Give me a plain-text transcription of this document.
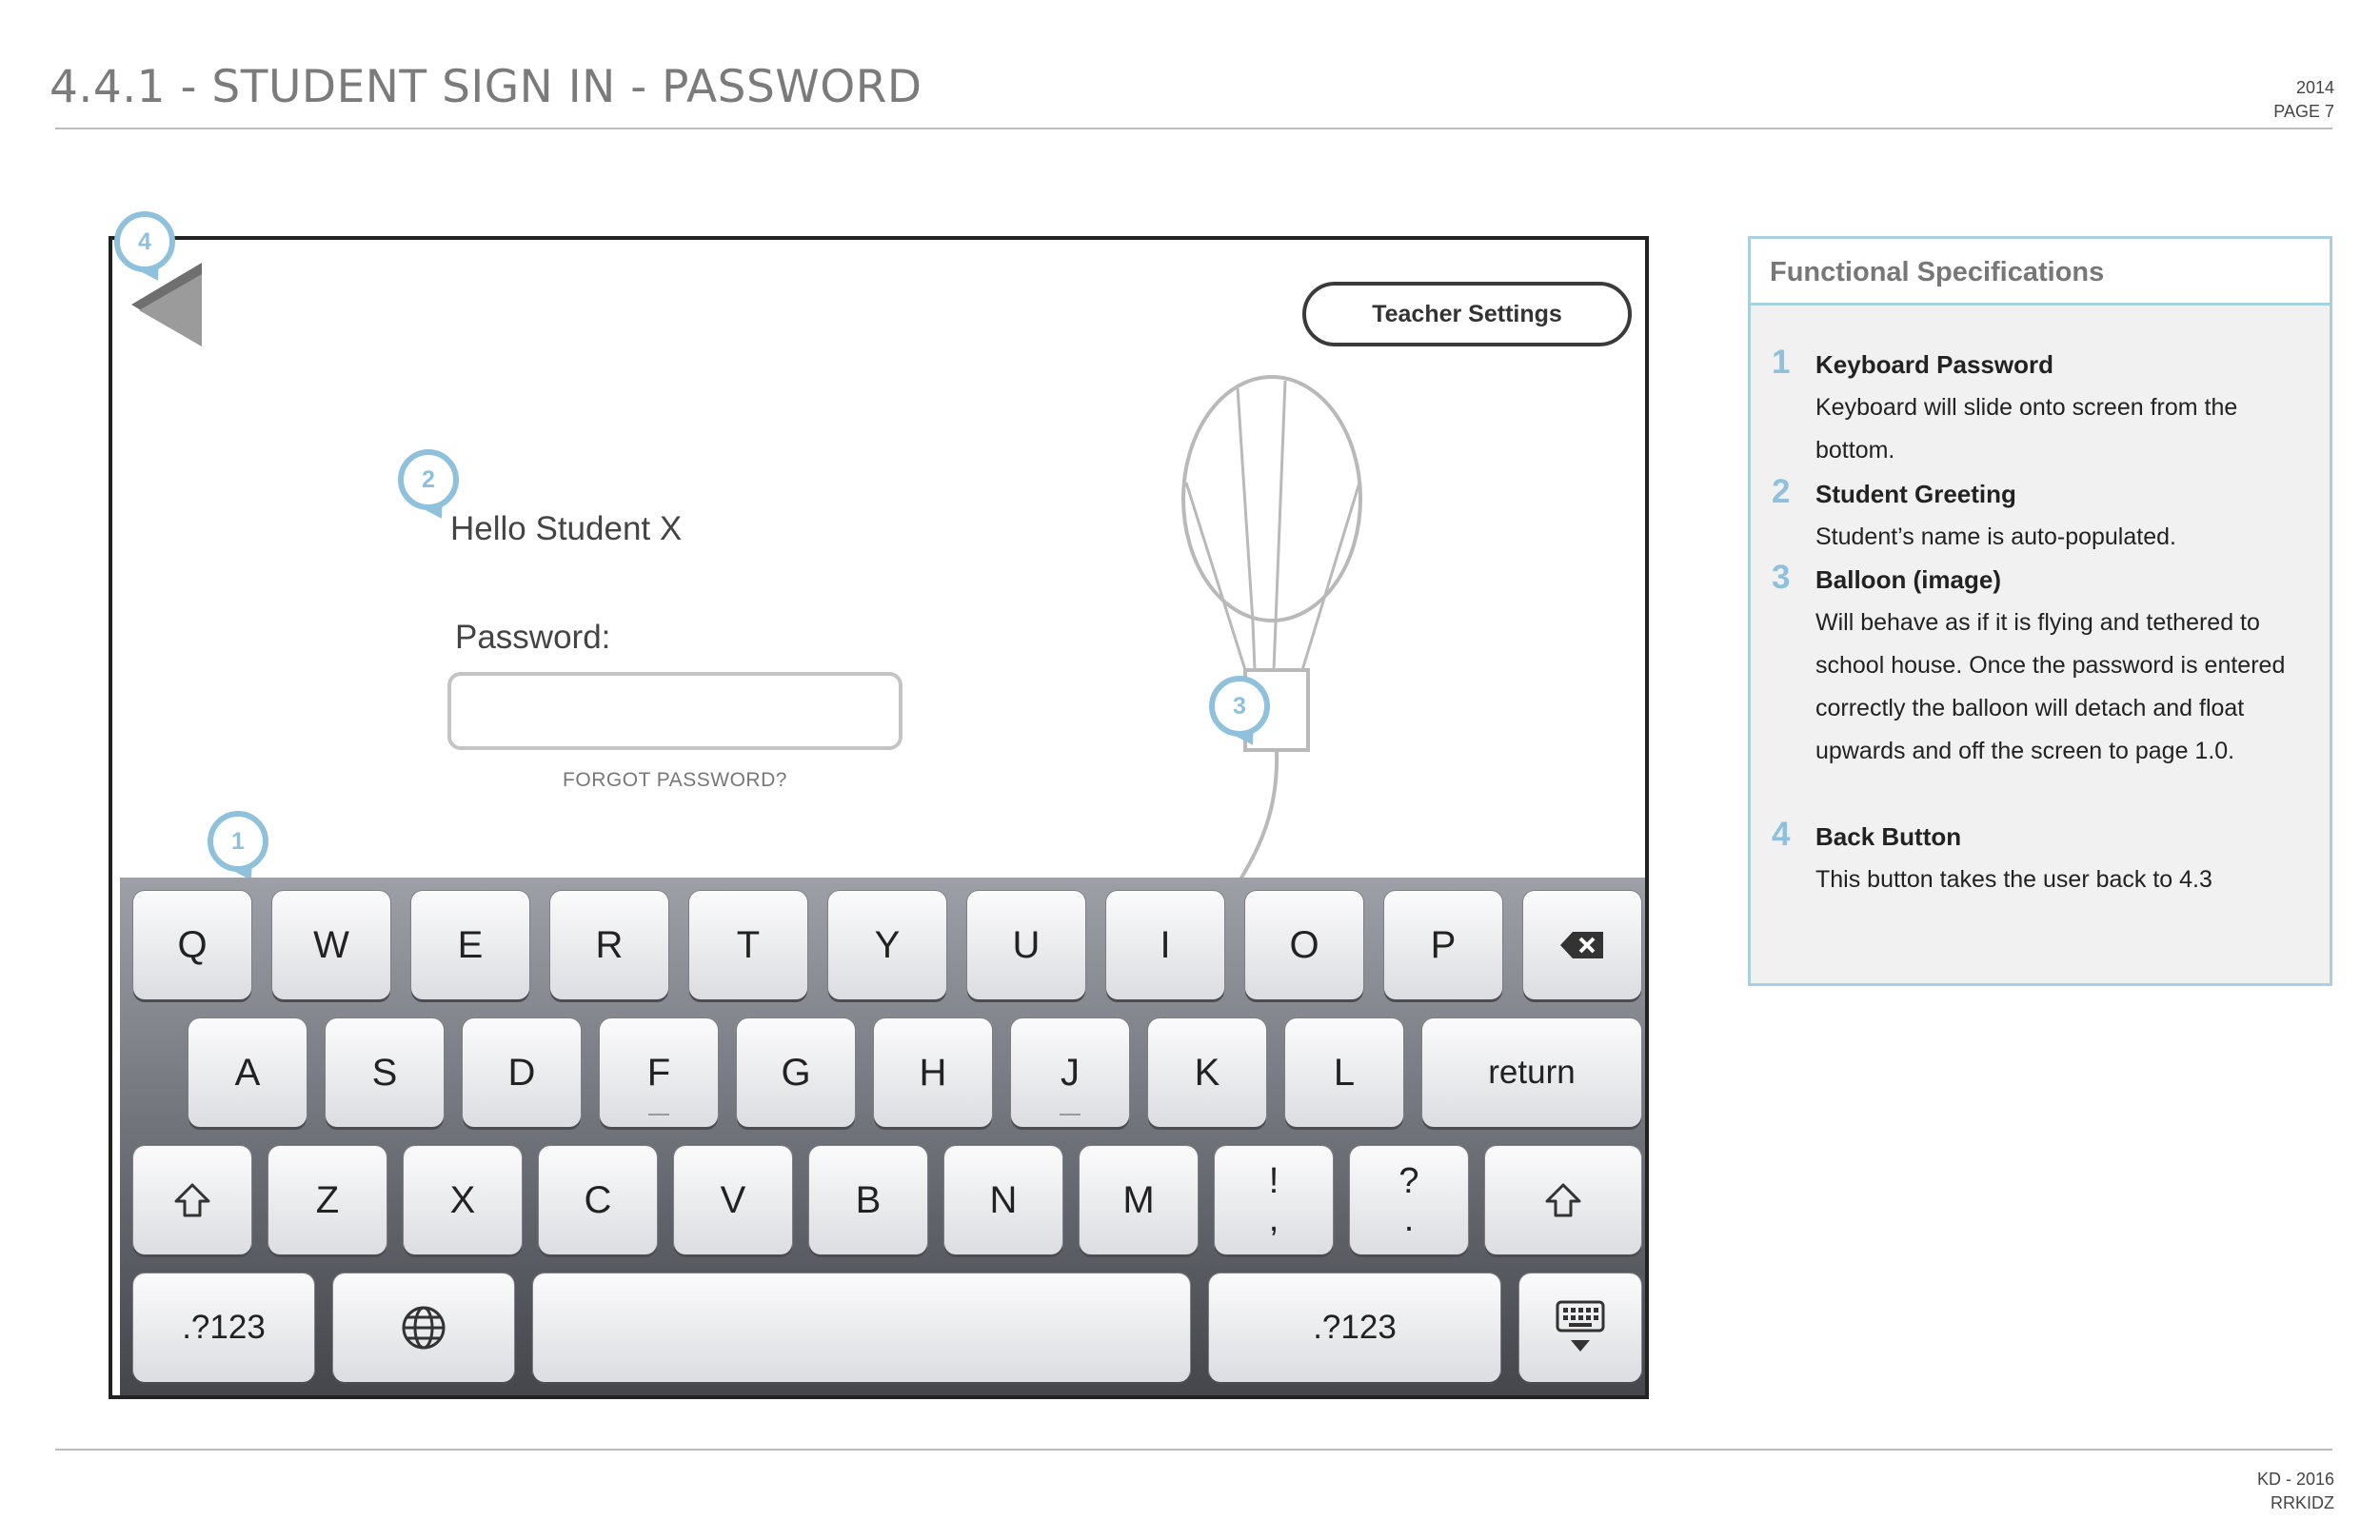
4.4.1 - STUDENT SIGN IN - PASSWORD	2014
PAGE 7
Teacher Settings
Hello Student X
Password:
FORGOT PASSWORD?
2
3
1
Q	W	E	R	T	Y	U	I	O	P
A	S	D	F	G	H	J	K	L	return
Z	X	C	V	B	N	M	!
,
?
.
.?123	.?123
4
Functional Specifications
1 Keyboard Password
Keyboard will slide onto screen from the bottom.
2 Student Greeting
Student’s name is auto-populated.
3 Balloon (image)
Will behave as if it is flying and tethered to school house. Once the password is entered correctly the balloon will detach and float upwards and off the screen to page 1.0.
4 Back Button
This button takes the user back to 4.3
KD - 2016
RRKIDZ
